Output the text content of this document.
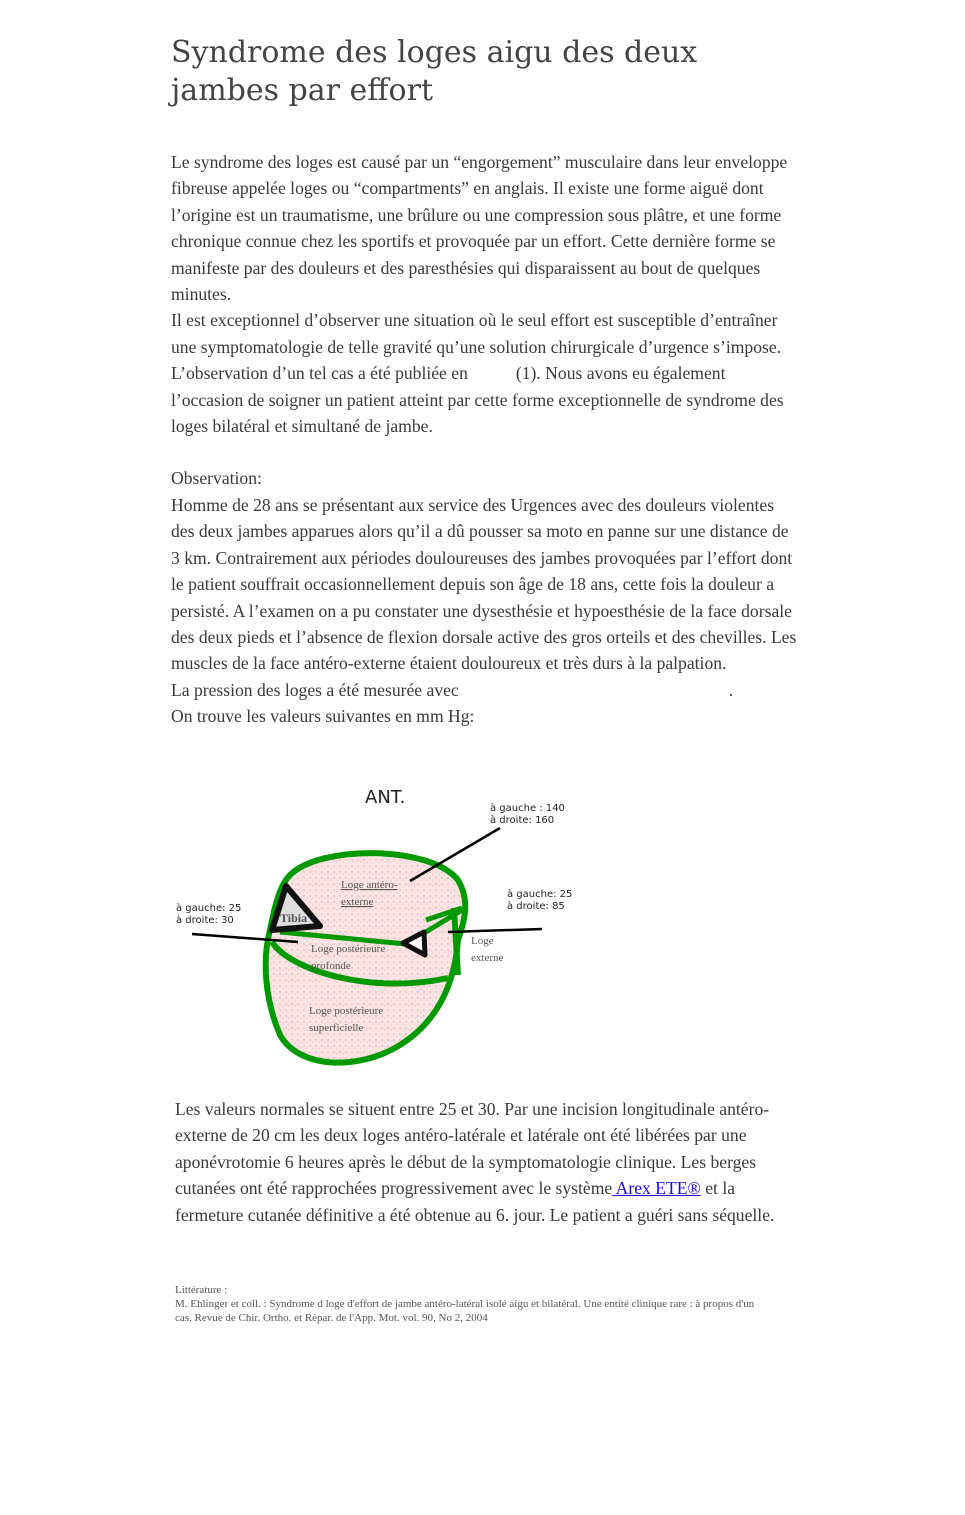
Syndrome des loges aigu des deux jambes par effort

Le syndrome des loges est causé par un “engorgement” musculaire dans leur enveloppe fibreuse appelée loges ou “compartments” en anglais. Il existe une forme aiguë dont l’origine est un traumatisme, une brûlure ou une compression sous plâtre, et une forme chronique connue chez les sportifs et provoquée par un effort. Cette dernière forme se manifeste par des douleurs et des paresthésies qui disparaissent au bout de quelques minutes.

Il est exceptionnel d’observer une situation où le seul effort est susceptible d’entraîner une symptomatologie de telle gravité qu’une solution chirurgicale d’urgence s’impose. L’observation d’un tel cas a été publiée en	(1). Nous avons eu également l’occasion de soigner un patient atteint par cette forme exceptionnelle de syndrome des loges bilatéral et simultané de jambe.

Observation:

Homme de 28 ans se présentant aux service des Urgences avec des douleurs violentes des deux jambes apparues alors qu’il a dû pousser sa moto en panne sur une distance de 3 km. Contrairement aux périodes douloureuses des jambes provoquées par l’effort dont le patient souffrait occasionnellement depuis son âge de 18 ans, cette fois la douleur a persisté. A l’examen on a pu constater une dysesthésie et hypoesthésie de la face dorsale des deux pieds et l’absence de flexion dorsale active des gros orteils et des chevilles. Les muscles de la face antéro-externe étaient douloureux et très durs à la palpation.

La pression des loges a été mesurée avec	.

On trouve les valeurs suivantes en mm Hg:

Tibia
ANT.
à gauche : 140
à droite: 160
à gauche: 25
à droite: 85
à gauche: 25
à droite: 30
Loge antéro-
externe
Loge postérieure
profonde
Loge
externe
Loge postérieure
superficielle

Les valeurs normales se situent entre 25 et 30. Par une incision longitudinale antéro-externe de 20 cm les deux loges antéro-latérale et latérale ont été libérées par une aponévrotomie 6 heures après le début de la symptomatologie clinique. Les berges cutanées ont été rapprochées progressivement avec le système Arex ETE® et la fermeture cutanée définitive a été obtenue au 6. jour. Le patient a guéri sans séquelle.

Littérature :
M. Ehlinger et coll. : Syndrome d loge d'effort de jambe antéro-latéral isolé aigu et bilatéral. Une entité clinique rare : à propos d'un cas. Revue de Chir. Ortho. et Répar. de l'App. Mot. vol. 90, No 2, 2004
